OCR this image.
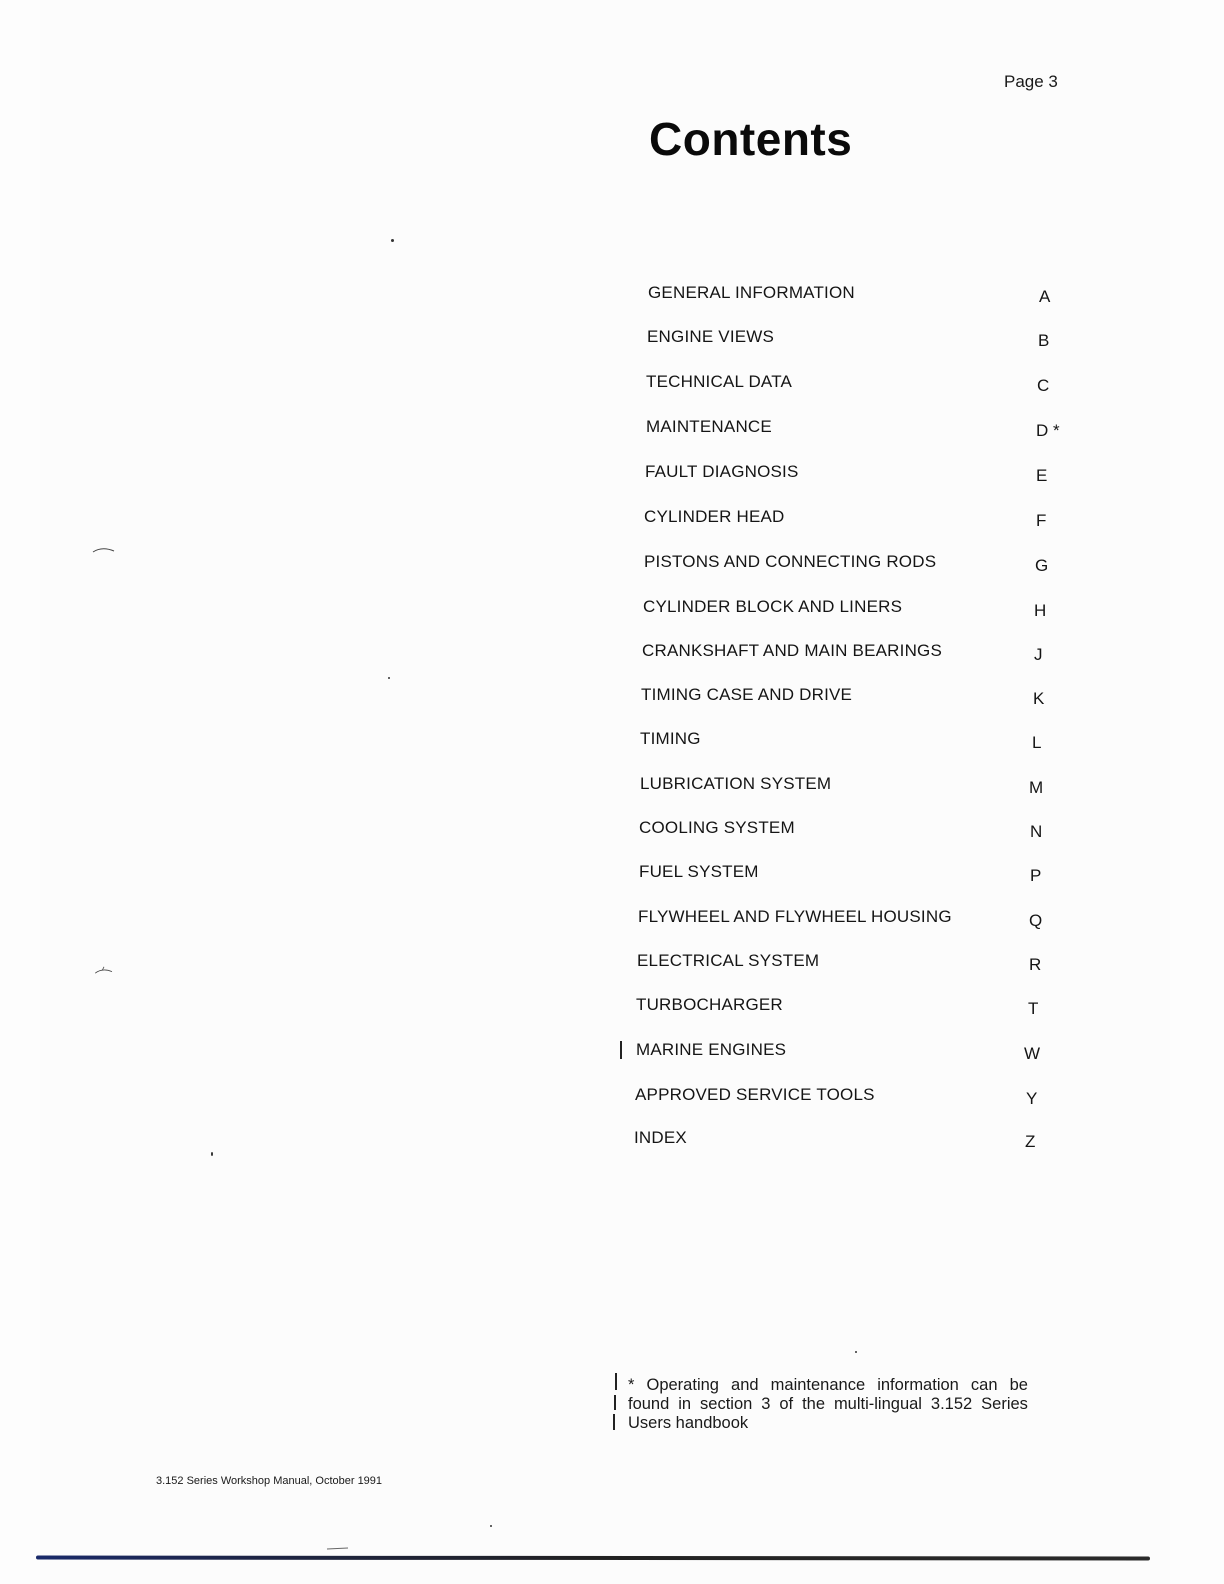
Page 3
Contents
GENERAL INFORMATION	A
ENGINE VIEWS	B
TECHNICAL DATA	C
MAINTENANCE	D *
FAULT DIAGNOSIS	E
CYLINDER HEAD	F
PISTONS AND CONNECTING RODS	G
CYLINDER BLOCK AND LINERS	H
CRANKSHAFT AND MAIN BEARINGS	J
TIMING CASE AND DRIVE	K
TIMING	L
LUBRICATION SYSTEM	M
COOLING SYSTEM	N
FUEL SYSTEM	P
FLYWHEEL AND FLYWHEEL HOUSING	Q
ELECTRICAL SYSTEM	R
TURBOCHARGER	T
MARINE ENGINES	W
APPROVED SERVICE TOOLS	Y
INDEX	Z
* Operating and maintenance information can be
found in section 3 of the multi-lingual 3.152 Series
Users handbook
3.152 Series Workshop Manual, October 1991
